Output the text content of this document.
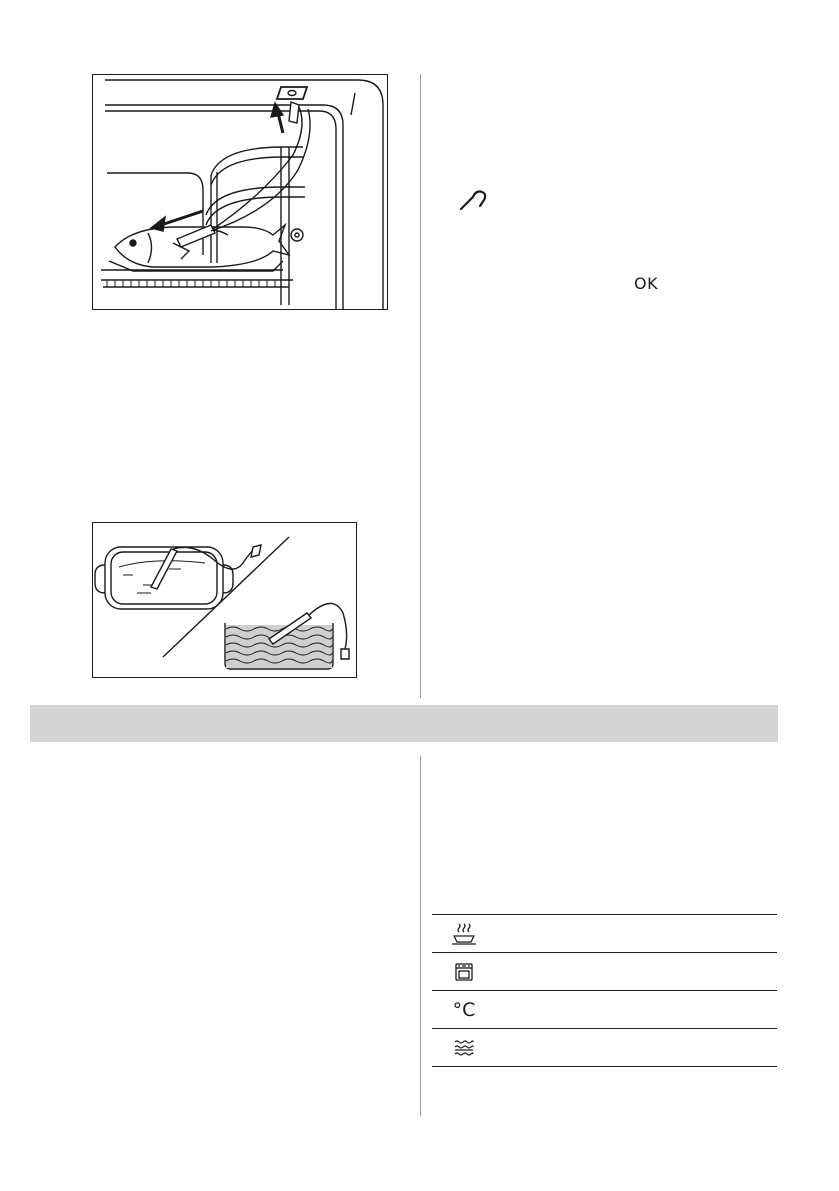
OK

°C	
